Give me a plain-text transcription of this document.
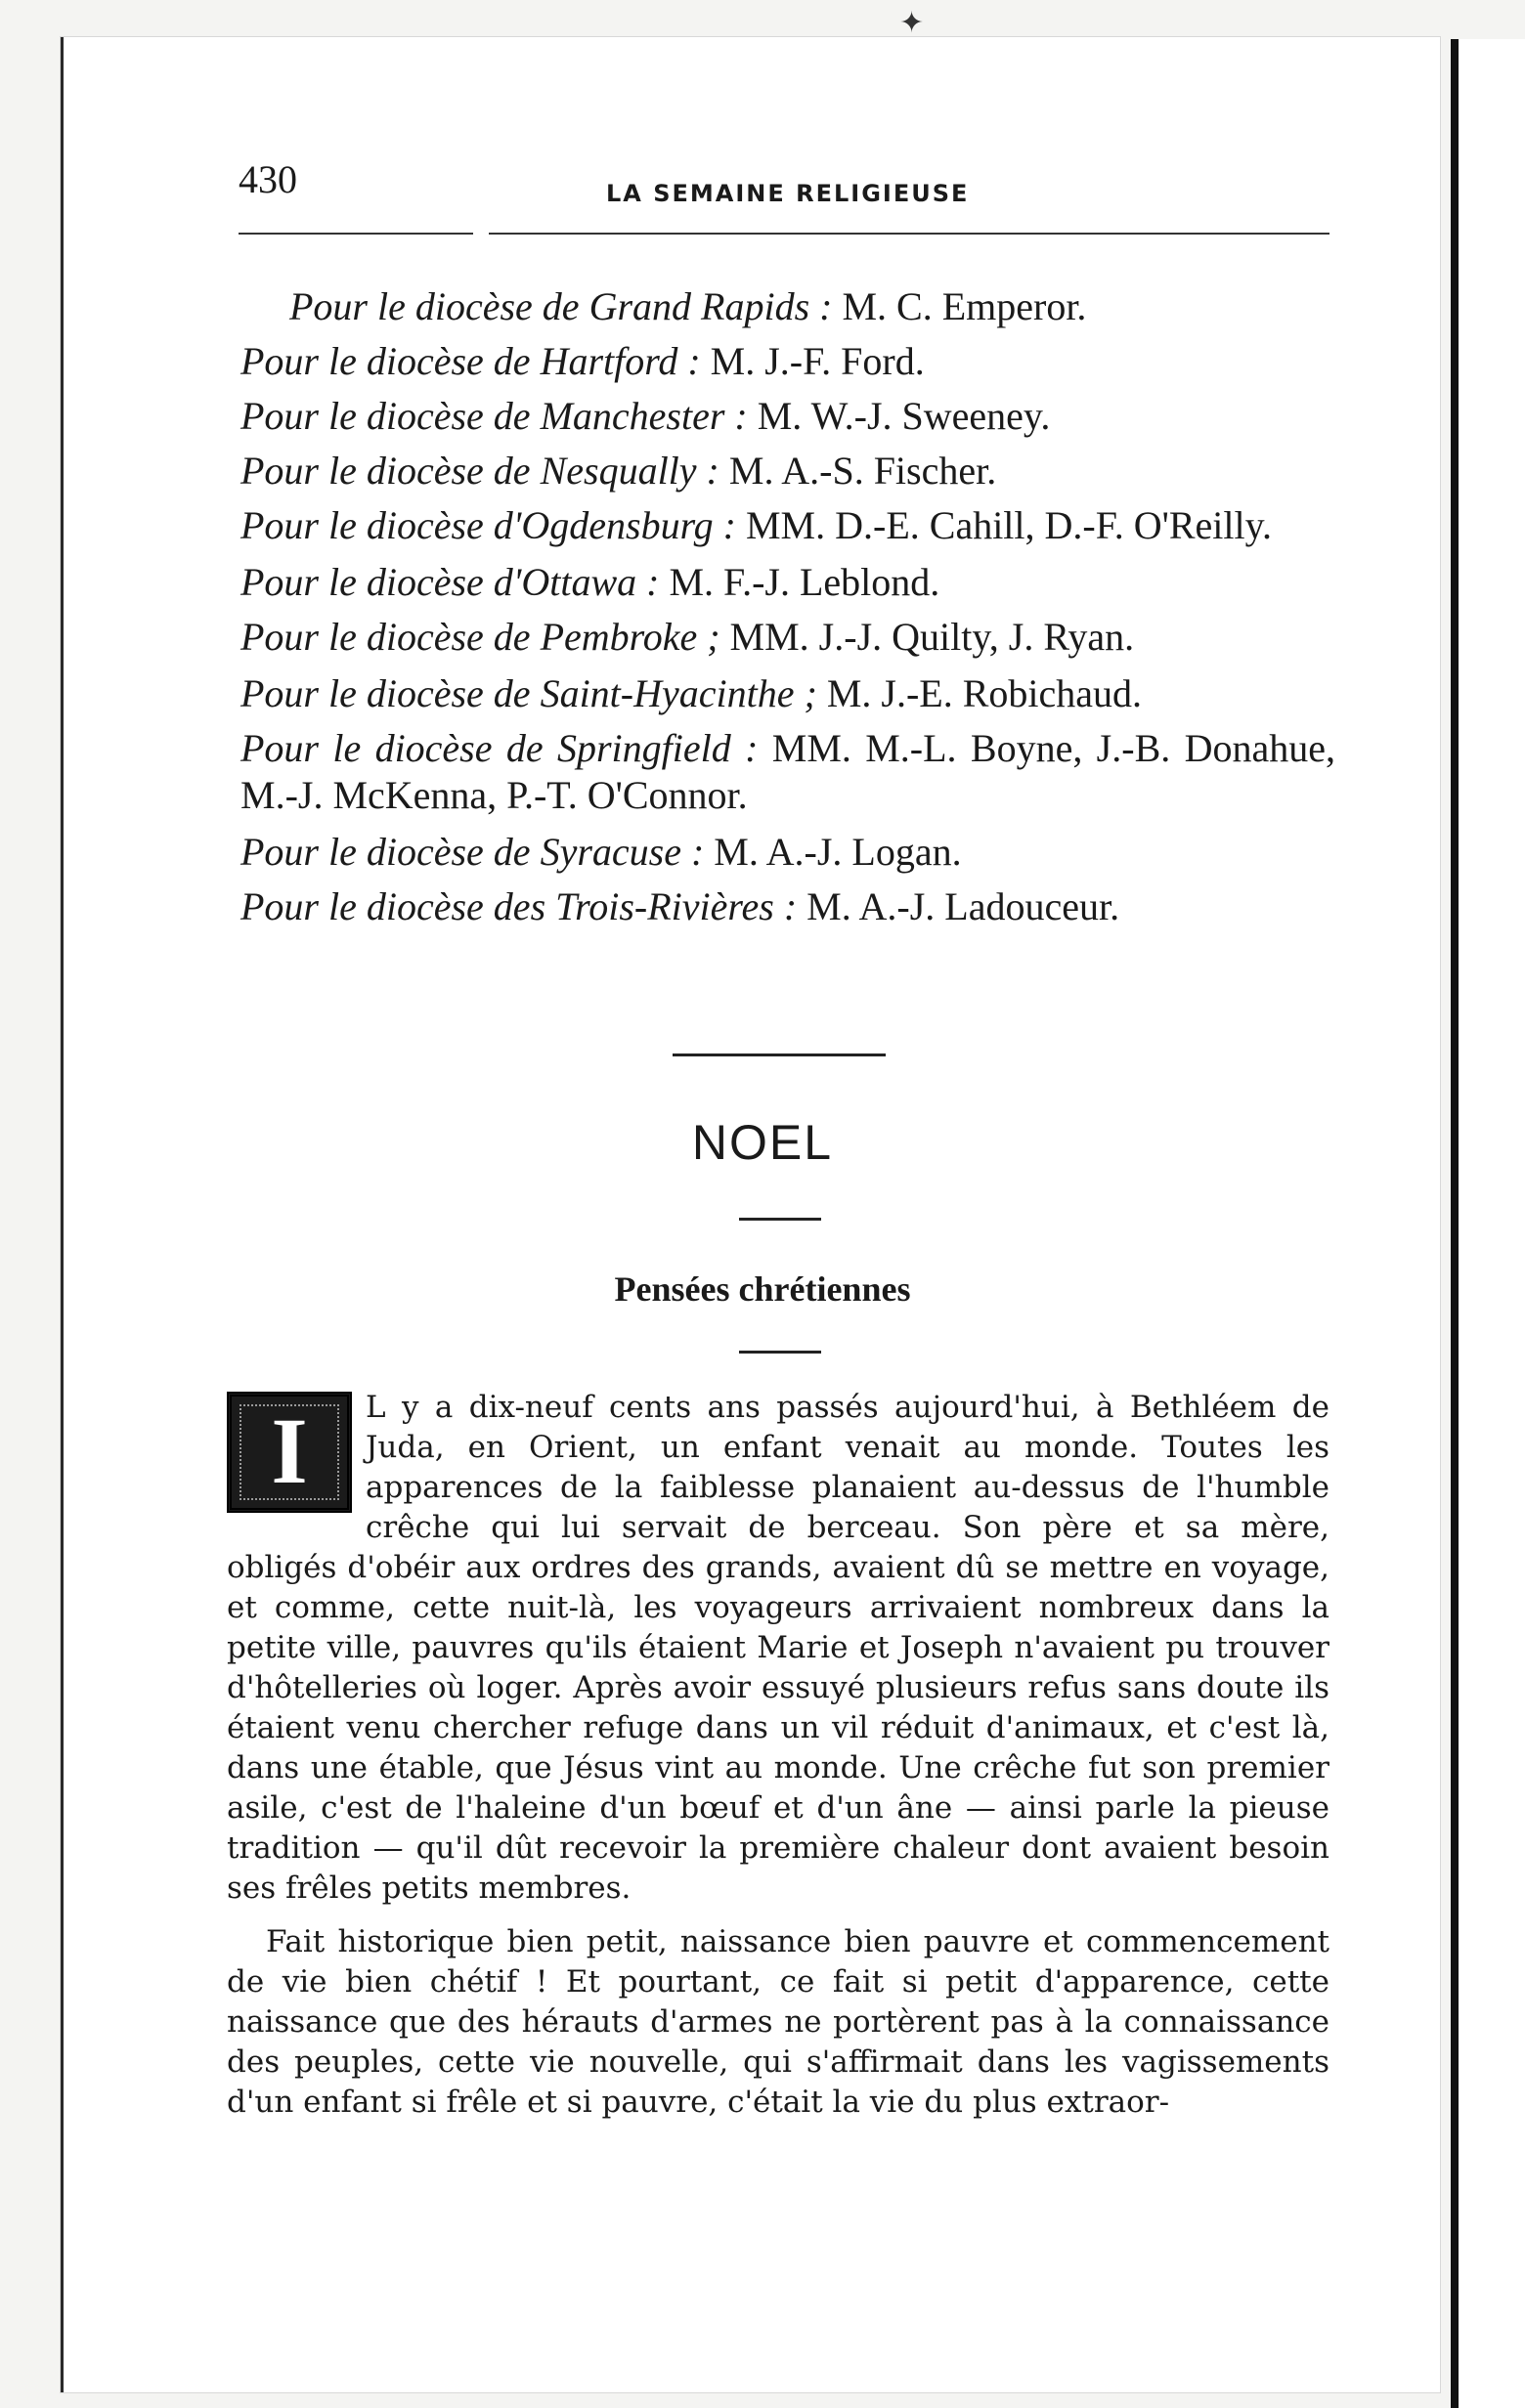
✦
430	LA SEMAINE RELIGIEUSE
Pour le diocèse de Grand Rapids : M. C. Emperor.
Pour le diocèse de Hartford : M. J.-F. Ford.
Pour le diocèse de Manchester : M. W.-J. Sweeney.
Pour le diocèse de Nesqually : M. A.-S. Fischer.
Pour le diocèse d'Ogdensburg : MM. D.-E. Cahill, D.-F. O'Reilly.
Pour le diocèse d'Ottawa : M. F.-J. Leblond.
Pour le diocèse de Pembroke ; MM. J.-J. Quilty, J. Ryan.
Pour le diocèse de Saint-Hyacinthe ; M. J.-E. Robichaud.
Pour le diocèse de Springfield : MM. M.-L. Boyne, J.-B. Donahue, M.-J. McKenna, P.-T. O'Connor.
Pour le diocèse de Syracuse : M. A.-J. Logan.
Pour le diocèse des Trois-Rivières : M. A.-J. Ladouceur.
NOEL
Pensées chrétiennes

I	L y a dix-neuf cents ans passés aujourd'hui, à Bethléem de Juda, en Orient, un enfant venait au monde. Toutes les apparences de la faiblesse planaient au-dessus de l'humble crêche qui lui servait de berceau. Son père et sa mère, obligés d'obéir aux ordres des grands, avaient dû se mettre en voyage, et comme, cette nuit-là, les voyageurs arrivaient nombreux dans la petite ville, pauvres qu'ils étaient Marie et Joseph n'avaient pu trouver d'hôtelleries où loger. Après avoir essuyé plusieurs refus sans doute ils étaient venu chercher refuge dans un vil réduit d'animaux, et c'est là, dans une étable, que Jésus vint au monde. Une crêche fut son premier asile, c'est de l'haleine d'un bœuf et d'un âne — ainsi parle la pieuse tradition — qu'il dût recevoir la première chaleur dont avaient besoin ses frêles petits membres.

Fait historique bien petit, naissance bien pauvre et commencement de vie bien chétif ! Et pourtant, ce fait si petit d'apparence, cette naissance que des hérauts d'armes ne portèrent pas à la connaissance des peuples, cette vie nouvelle, qui s'affirmait dans les vagissements d'un enfant si frêle et si pauvre, c'était la vie du plus extraor-
